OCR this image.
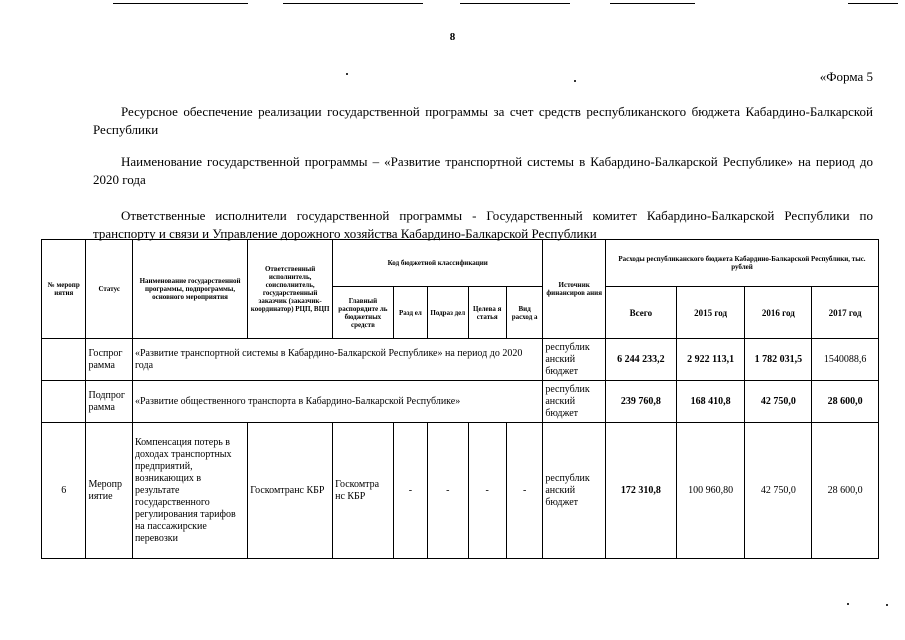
8
«Форма 5

Ресурсное обеспечение реализации государственной программы за счет средств республиканского бюджета Кабардино-Балкарской Республики

Наименование государственной программы – «Развитие транспортной системы в Кабардино-Балкарской Республике» на период до 2020 года

Ответственные исполнители государственной программы - Государственный комитет Кабардино-Балкарской Республики по транспорту и связи и Управление дорожного хозяйства Кабардино-Балкарской Республики

№ меропр иятия	Статус	Наименование государственной программы, подпрограммы, основного мероприятия	Ответственный исполнитель, соисполнитель, государственный заказчик (заказчик-координатор) РЦП, ВЦП	Код бюджетной классификации					Источник финансиров ания	Расходы республиканского бюджета Кабардино-Балкарской Республики, тыс. рублей			
				Главный распорядите ль бюджетных средств	Разд ел	Подраз дел	Целева я статья	Вид расход а		Всего	2015 год	2016 год	2017 год
	Госпрог рамма	«Развитие транспортной системы в Кабардино-Балкарской Республике» на период до 2020 года							республик анский бюджет	6 244 233,2	2 922 113,1	1 782 031,5	1540088,6
	Подпрог рамма	«Развитие общественного транспорта в Кабардино-Балкарской Республике»							республик анский бюджет	239 760,8	168 410,8	42 750,0	28 600,0
6	Меропр иятие	Компенсация потерь в доходах транспортных предприятий, возникающих в результате государственного регулирования тарифов на пассажирские перевозки	Госкомтранс КБР	Госкомтра нс КБР	-	-	-	-	республик анский бюджет	172 310,8	100 960,80	42 750,0	28 600,0
